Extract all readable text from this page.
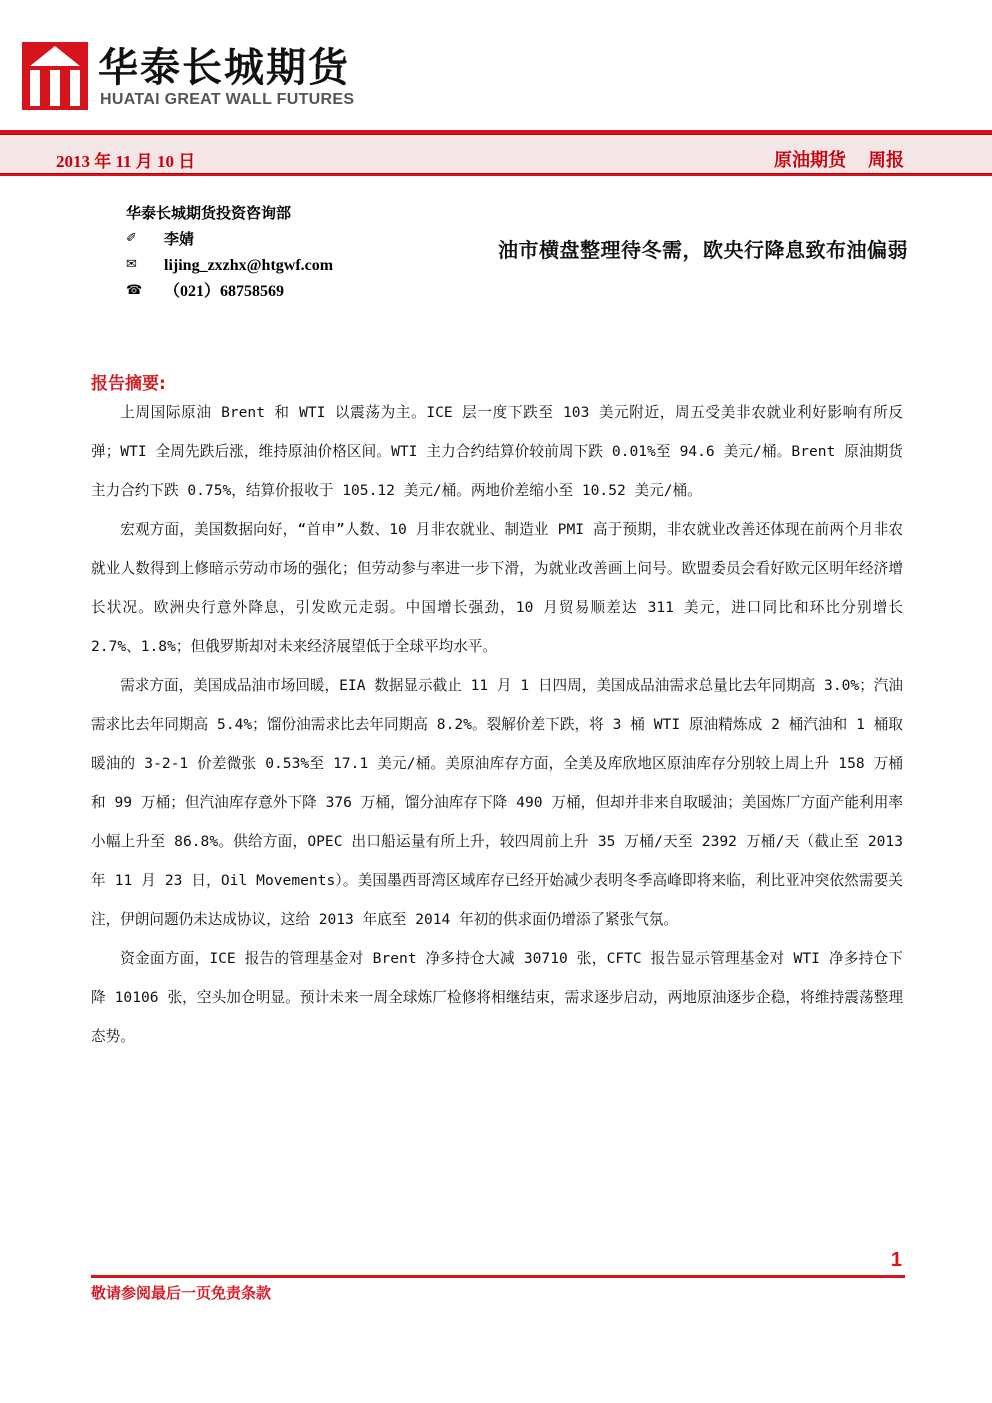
华泰长城期货
HUATAI GREAT WALL FUTURES
2013 年 11 月 10 日	原油期货 周报
华泰长城期货投资咨询部
✐	李婧
✉	lijing_zxzhx@htgwf.com
☎ （021）68758569
油市横盘整理待冬需，欧央行降息致布油偏弱
报告摘要:

上周国际原油 Brent 和 WTI 以震荡为主。ICE 层一度下跌至 103 美元附近，周五受美非农就业利好影响有所反弹；WTI 全周先跌后涨，维持原油价格区间。WTI 主力合约结算价较前周下跌 0.01%至 94.6 美元/桶。Brent 原油期货主力合约下跌 0.75%，结算价报收于 105.12 美元/桶。两地价差缩小至 10.52 美元/桶。

宏观方面，美国数据向好，“首申”人数、10 月非农就业、制造业 PMI 高于预期，非农就业改善还体现在前两个月非农就业人数得到上修暗示劳动市场的强化；但劳动参与率进一步下滑，为就业改善画上问号。欧盟委员会看好欧元区明年经济增长状况。欧洲央行意外降息，引发欧元走弱。中国增长强劲，10 月贸易顺差达 311 美元，进口同比和环比分别增长 2.7%、1.8%；但俄罗斯却对未来经济展望低于全球平均水平。

需求方面，美国成品油市场回暖，EIA 数据显示截止 11 月 1 日四周，美国成品油需求总量比去年同期高 3.0%；汽油需求比去年同期高 5.4%；馏份油需求比去年同期高 8.2%。裂解价差下跌，将 3 桶 WTI 原油精炼成 2 桶汽油和 1 桶取暖油的 3-2-1 价差微张 0.53%至 17.1 美元/桶。美原油库存方面，全美及库欣地区原油库存分别较上周上升 158 万桶和 99 万桶；但汽油库存意外下降 376 万桶，馏分油库存下降 490 万桶，但却并非来自取暖油；美国炼厂方面产能利用率小幅上升至 86.8%。供给方面，OPEC 出口船运量有所上升，较四周前上升 35 万桶/天至 2392 万桶/天（截止至 2013 年 11 月 23 日，Oil Movements）。美国墨西哥湾区域库存已经开始减少表明冬季高峰即将来临，利比亚冲突依然需要关注，伊朗问题仍未达成协议，这给 2013 年底至 2014 年初的供求面仍增添了紧张气氛。

资金面方面，ICE 报告的管理基金对 Brent 净多持仓大减 30710 张，CFTC 报告显示管理基金对 WTI 净多持仓下降 10106 张，空头加仓明显。预计未来一周全球炼厂检修将相继结束，需求逐步启动，两地原油逐步企稳，将维持震荡整理态势。

1
敬请参阅最后一页免责条款
